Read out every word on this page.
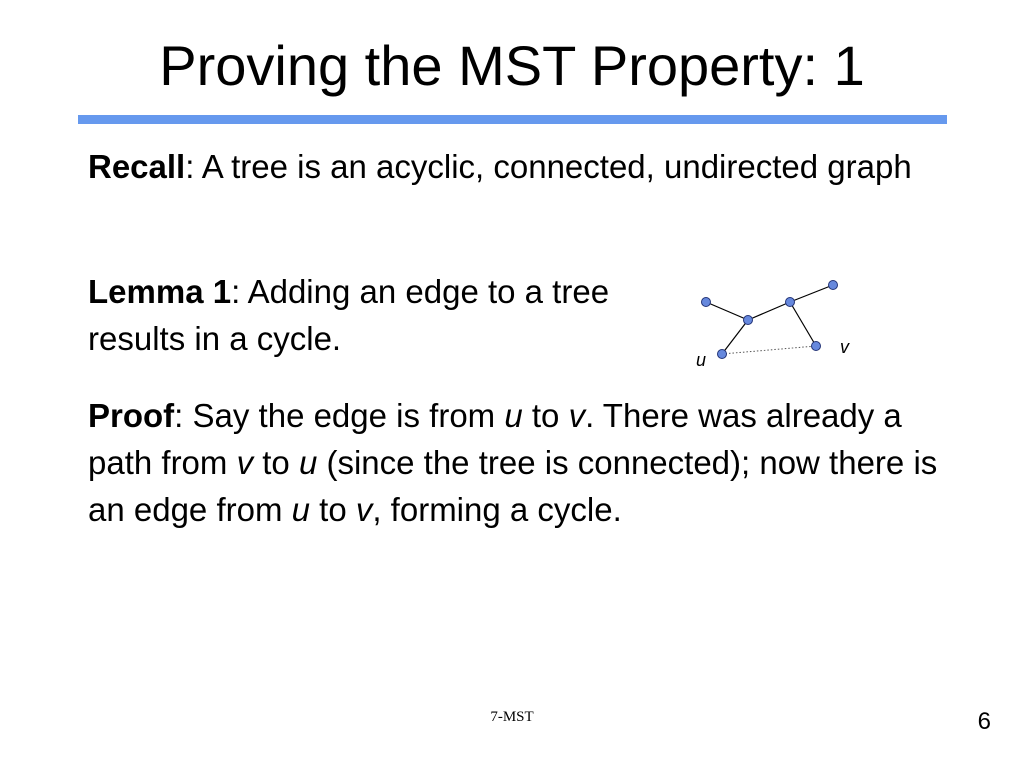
Proving the MST Property: 1
Recall: A tree is an acyclic, connected, undirected graph
Lemma 1: Adding an edge to a tree results in a cycle.
Proof: Say the edge is from u to v. There was already a path from v to u (since the tree is connected); now there is an edge from u to v, forming a cycle.
u
v
7-MST	6
